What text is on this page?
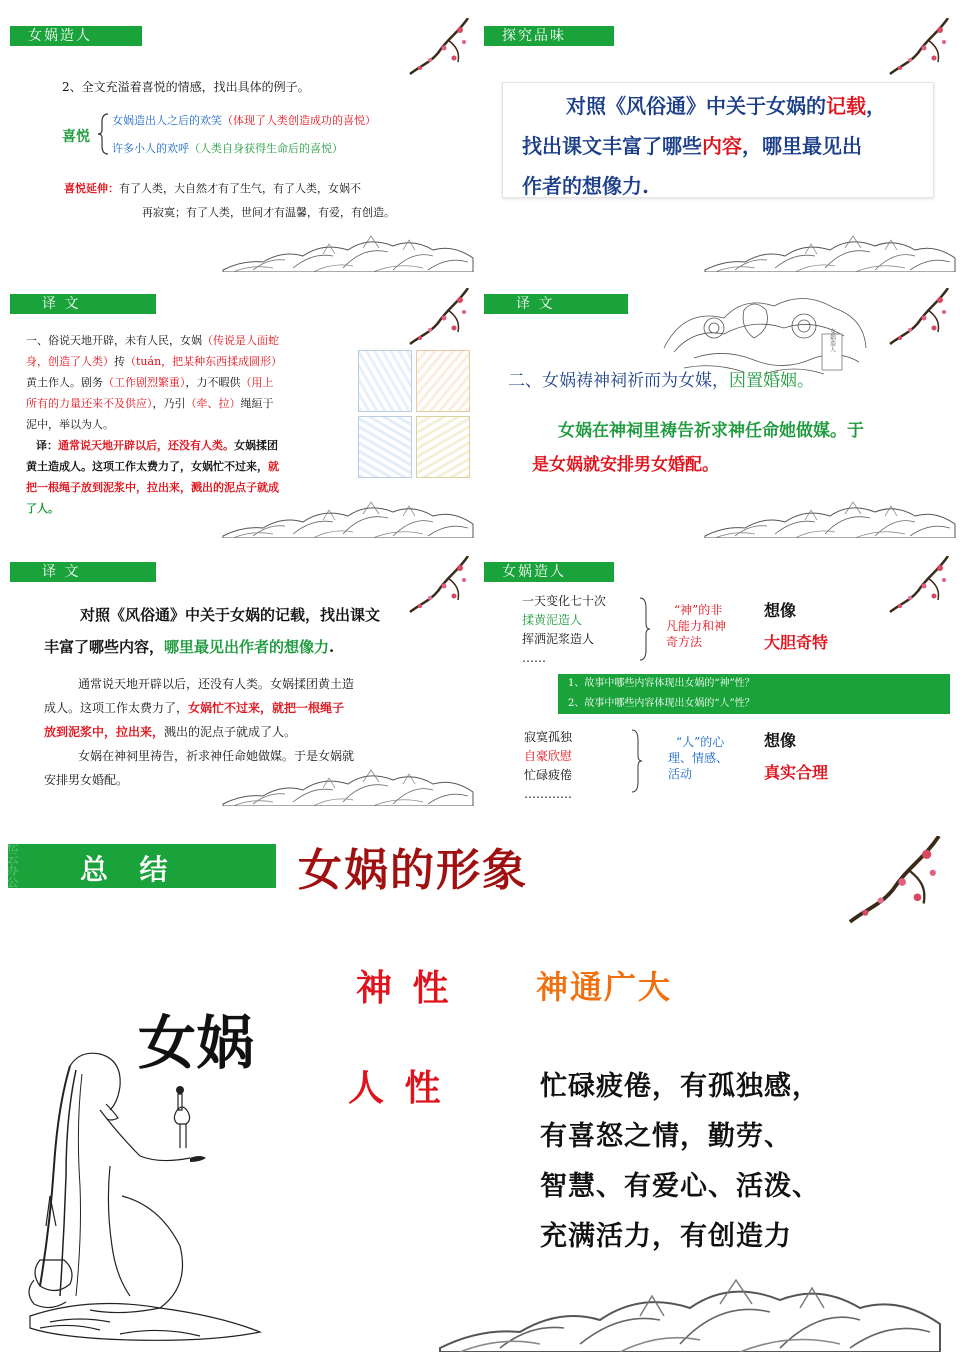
女娲造人

2、全文充溢着喜悦的情感，找出具体的例子。

喜悦

女娲造出人之后的欢笑（体现了人类创造成功的喜悦）

许多小人的欢呼（人类自身获得生命后的喜悦）

喜悦延伸：有了人类，大自然才有了生气，有了人类，女娲不

再寂寞；有了人类，世间才有温馨，有爱，有创造。

探究品味

对照《风俗通》中关于女娲的记载，

找出课文丰富了哪些内容，哪里最见出

作者的想像力.

译 文

一、俗说天地开辟，未有人民，女娲（传说是人面蛇

身，创造了人类）抟（tuán，把某种东西揉成圆形）

黄土作人。剧务（工作剧烈繁重），力不暇供（用上

所有的力量还来不及供应），乃引（牵、拉）绳絙于

泥中，举以为人。

译：通常说天地开辟以后，还没有人类。女娲揉团

黄土造成人。这项工作太费力了，女娲忙不过来，就

把一根绳子放到泥浆中，拉出来，溅出的泥点子就成

了人。

译 文
女娲造人

二、女娲祷神祠祈而为女媒，因置婚姻。

女娲在神祠里祷告祈求神任命她做媒。于

是女娲就安排男女婚配。

译 文

对照《风俗通》中关于女娲的记载，找出课文

丰富了哪些内容，哪里最见出作者的想像力.

通常说天地开辟以后，还没有人类。女娲揉团黄土造

成人。这项工作太费力了，女娲忙不过来，就把一根绳子

放到泥浆中，拉出来，溅出的泥点子就成了人。

女娲在神祠里祷告，祈求神任命她做媒。于是女娲就

安排男女婚配。

女娲造人

一天变化七十次

揉黄泥造人

挥洒泥浆造人

……

“神”的非

凡能力和神

奇方法

想像

大胆奇特

1、故事中哪些内容体现出女娲的“神”性？

2、故事中哪些内容体现出女娲的“人”性？

寂寞孤独

自豪欣慰

忙碌疲倦

…………

“人”的心

理、情感、

活动

想像

真实合理

总  结

松云办公	女娲的形象

女娲

神 性	神通广大

人 性	忙碌疲倦，有孤独感，

有喜怒之情，勤劳、

智慧、有爱心、活泼、

充满活力，有创造力
